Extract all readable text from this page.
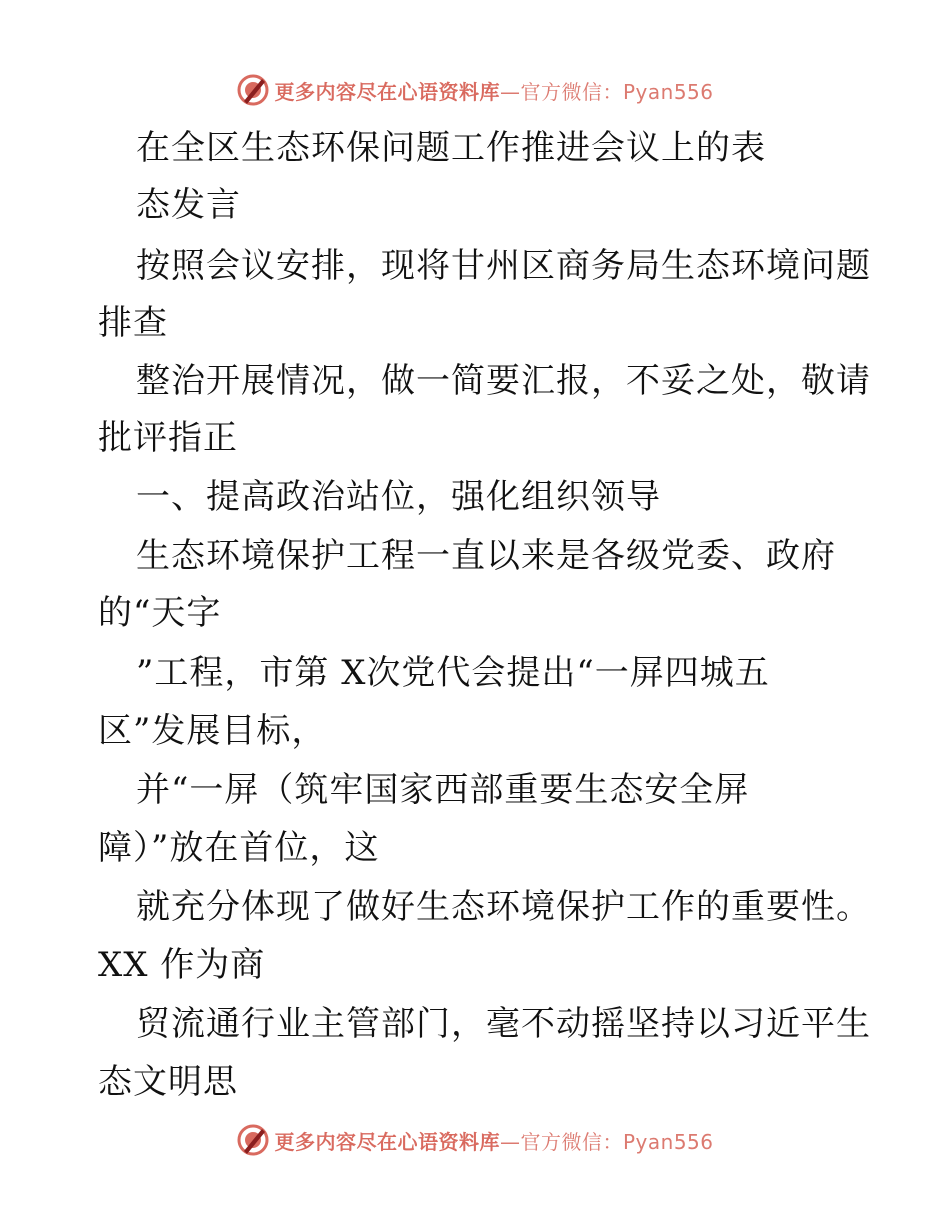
更多内容尽在心语资料库—官方微信：Pyan556
在全区生态环保问题工作推进会议上的表
态发言
按照会议安排，现将甘州区商务局生态环境问题
排查
整治开展情况，做一简要汇报，不妥之处，敬请
批评指正
一、提高政治站位，强化组织领导
生态环境保护工程一直以来是各级党委、政府
的“天字
”工程，市第 X次党代会提出“一屏四城五
区”发展目标，
并“一屏（筑牢国家西部重要生态安全屏
障）”放在首位，这
就充分体现了做好生态环境保护工作的重要性。
XX 作为商
贸流通行业主管部门，毫不动摇坚持以习近平生
态文明思
更多内容尽在心语资料库—官方微信：Pyan556
